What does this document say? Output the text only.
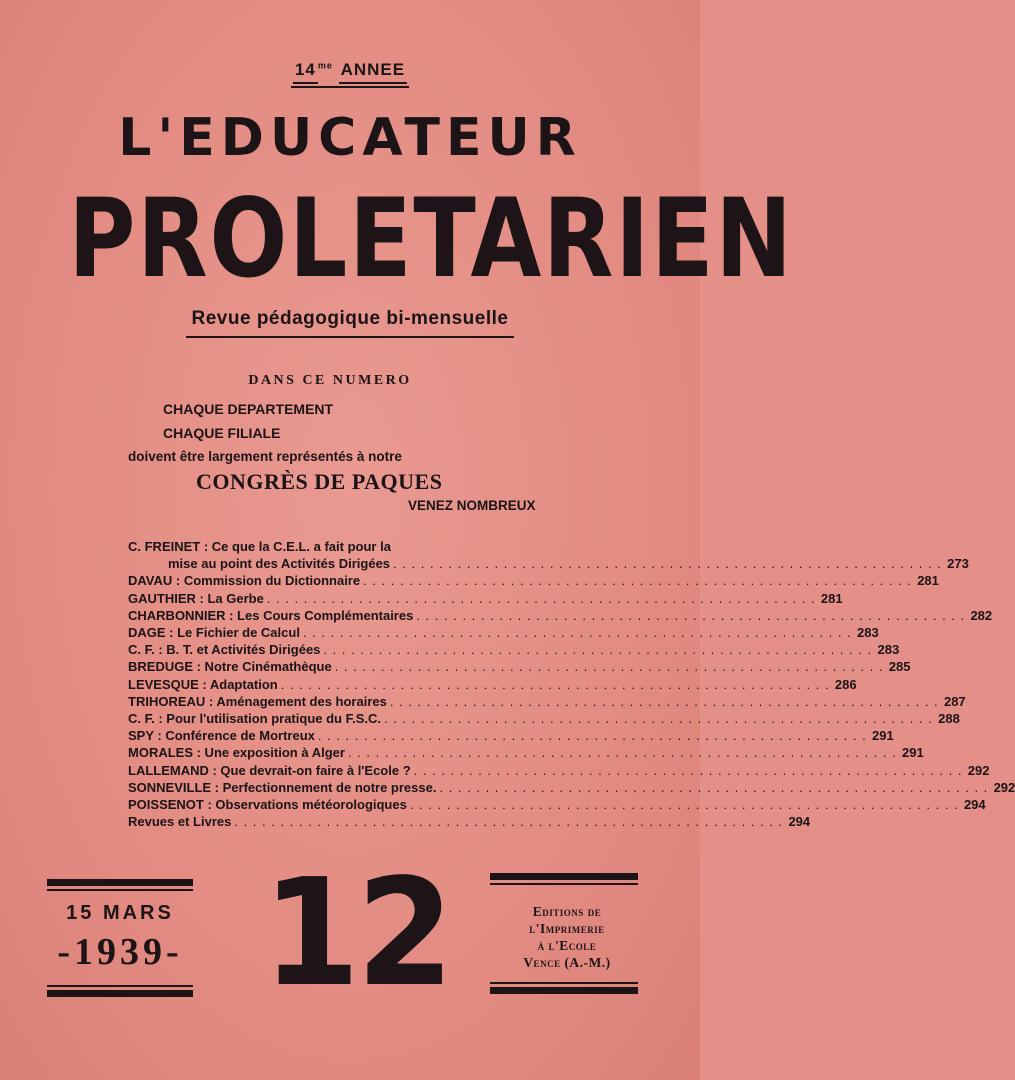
14 $^{me}$ ANNEE
L'EDUCATEUR
PROLETARIEN
Revue pédagogique bi-mensuelle
DANS CE NUMERO
CHAQUE DEPARTEMENT
CHAQUE FILIALE
doivent être largement représentés à notre
CONGRÈS DE PAQUES
VENEZ NOMBREUX
C. FREINET : Ce que la C.E.L. a fait pour la
mise au point des Activités Dirigées . . .	273
DAVAU : Commission du Dictionnaire . . .	281
GAUTHIER : La Gerbe . . .	281
CHARBONNIER : Les Cours Complémentaires . . .	282
DAGE : Le Fichier de Calcul . . .	283
C. F. : B. T. et Activités Dirigées . . .	283
BREDUGE : Notre Cinémathèque . . .	285
LEVESQUE : Adaptation . . .	286
TRIHOREAU : Aménagement des horaires . . .	287
C. F. : Pour l'utilisation pratique du F.S.C. . . .	288
SPY : Conférence de Mortreux . . .	291
MORALES : Une exposition à Alger . . .	291
LALLEMAND : Que devrait-on faire à l'Ecole ? . . .	292
SONNEVILLE : Perfectionnement de notre presse. . . .	292
POISSENOT : Observations météorologiques . . .	294
Revues et Livres . . .	294
15 MARS
-1939- 12	Editions de
l'Imprimerie
à l'Ecole
Vence (A.-M.)
